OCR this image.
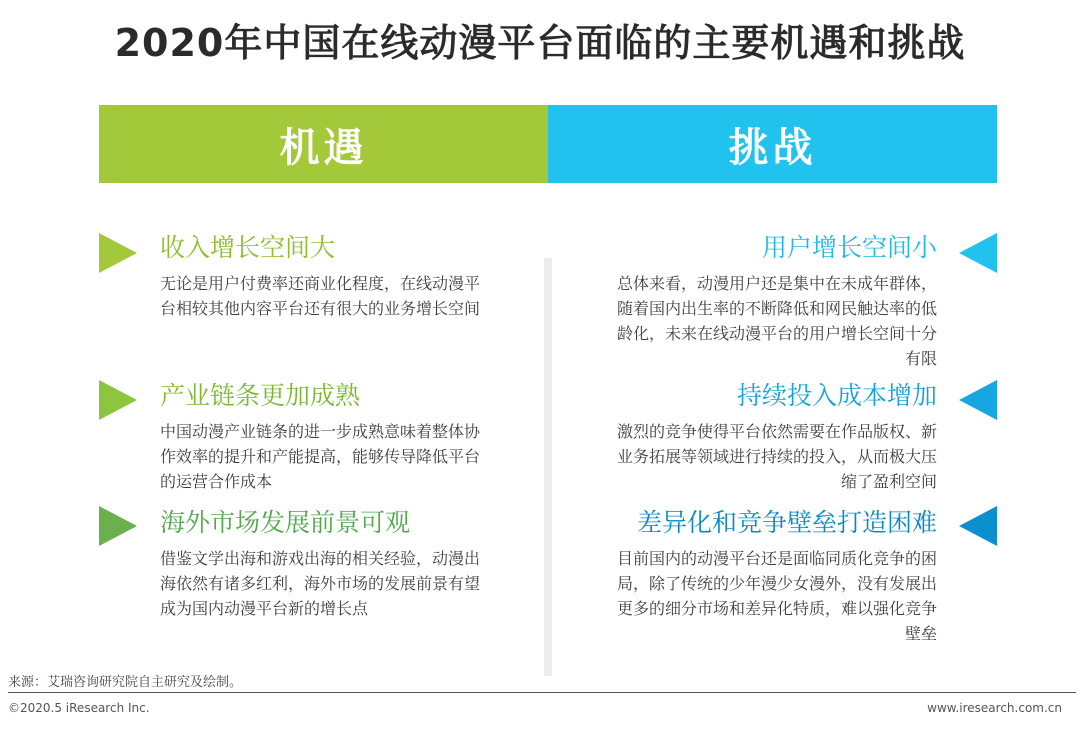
2020年中国在线动漫平台面临的主要机遇和挑战
机遇	挑战
收入增长空间大
无论是用户付费率还商业化程度，在线动漫平台相较其他内容平台还有很大的业务增长空间
产业链条更加成熟
中国动漫产业链条的进一步成熟意味着整体协作效率的提升和产能提高，能够传导降低平台的运营合作成本
海外市场发展前景可观
借鉴文学出海和游戏出海的相关经验，动漫出海依然有诸多红利，海外市场的发展前景有望成为国内动漫平台新的增长点
用户增长空间小
总体来看，动漫用户还是集中在未成年群体，随着国内出生率的不断降低和网民触达率的低龄化，未来在线动漫平台的用户增长空间十分有限
持续投入成本增加
激烈的竞争使得平台依然需要在作品版权、新业务拓展等领域进行持续的投入，从而极大压缩了盈利空间
差异化和竞争壁垒打造困难
目前国内的动漫平台还是面临同质化竞争的困局，除了传统的少年漫少女漫外，没有发展出更多的细分市场和差异化特质，难以强化竞争壁垒
来源：艾瑞咨询研究院自主研究及绘制。
©2020.5 iResearch Inc.	www.iresearch.com.cn
